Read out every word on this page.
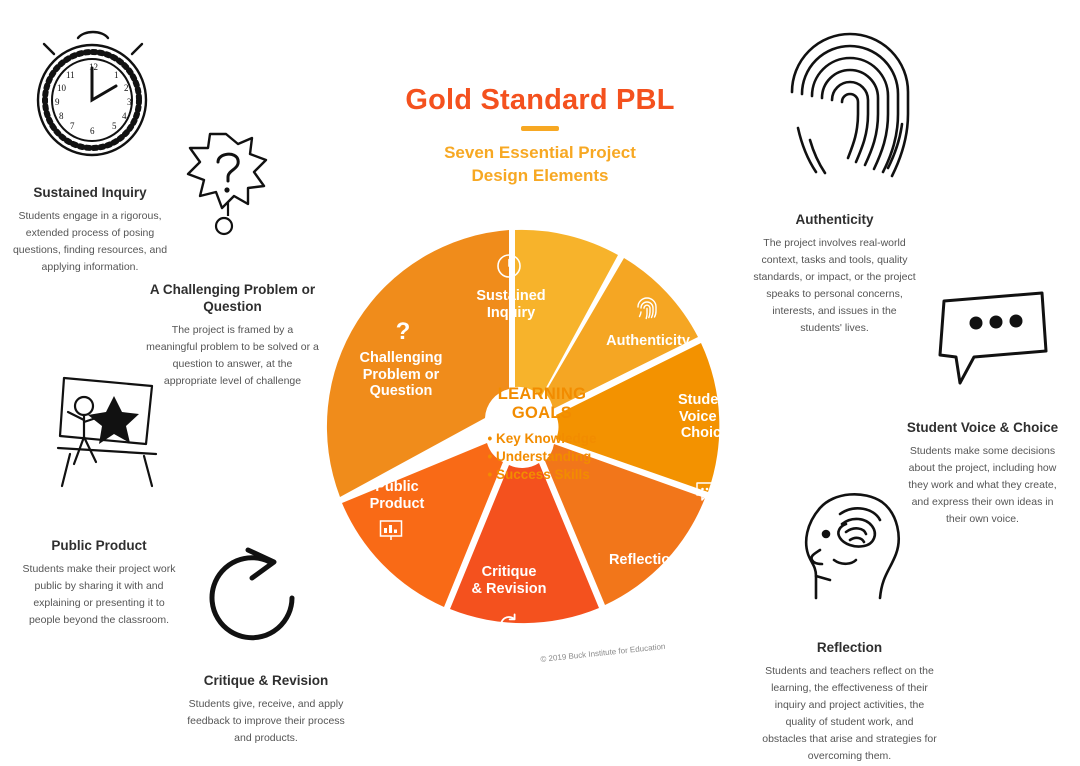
Gold Standard PBL
Seven Essential Project
Design Elements
?
Sustained
Inquiry
Authenticity
Student
Voice &
Choice
Reflection
Critique
& Revision
Public
Product
Challenging
Problem or
Question	LEARNING
GOALS
• Key Knowledge
• Understanding
• Success Skills
© 2019 Buck Institute for Education
Sustained Inquiry

Students engage in a rigorous, extended process of posing questions, finding resources, and applying information.

A Challenging Problem or Question

The project is framed by a meaningful problem to be solved or a question to answer, at the appropriate level of challenge

Public Product

Students make their project work public by sharing it with and explaining or presenting it to people beyond the classroom.

Critique & Revision

Students give, receive, and apply feedback to improve their process and products.

Authenticity

The project involves real-world context, tasks and tools, quality standards, or impact, or the project speaks to personal concerns, interests, and issues in the students' lives.

Student Voice & Choice

Students make some decisions about the project, including how they work and what they create, and express their own ideas in their own voice.

Reflection

Students and teachers reflect on the learning, the effectiveness of their inquiry and project activities, the quality of student work, and obstacles that arise and strategies for overcoming them.

12
1
2
3
4
5
6
7
8
9
10
11
